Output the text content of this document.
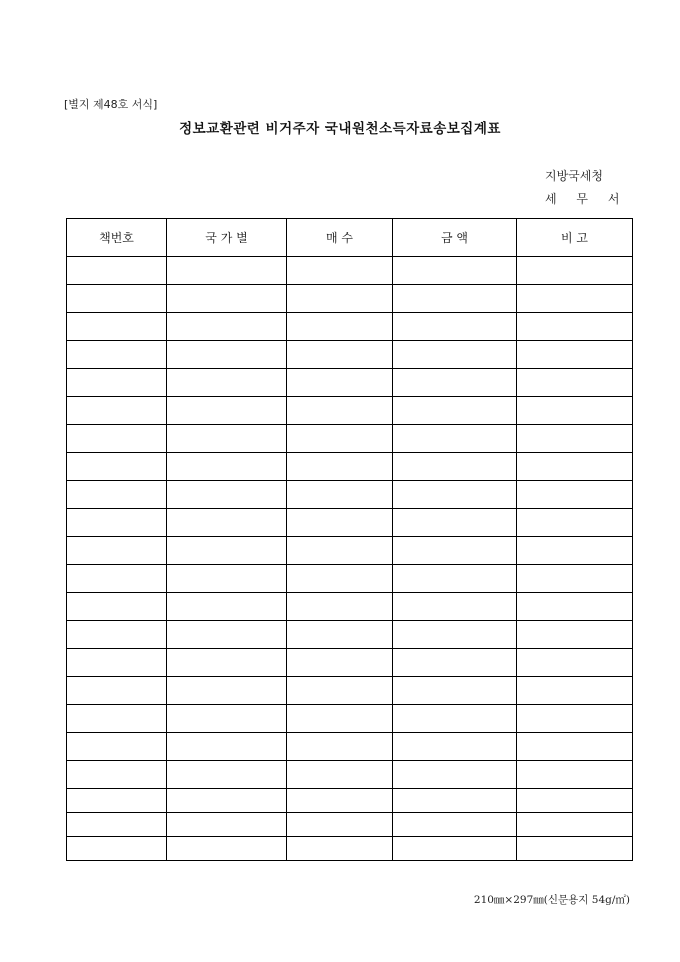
[별지 제48호 서식]
정보교환관련 비거주자 국내원천소득자료송보집계표
지방국세청
세 무 서
책번호	국 가 별	매 수	금 액	비 고

210㎜×297㎜(신문용지 54g/㎡)
